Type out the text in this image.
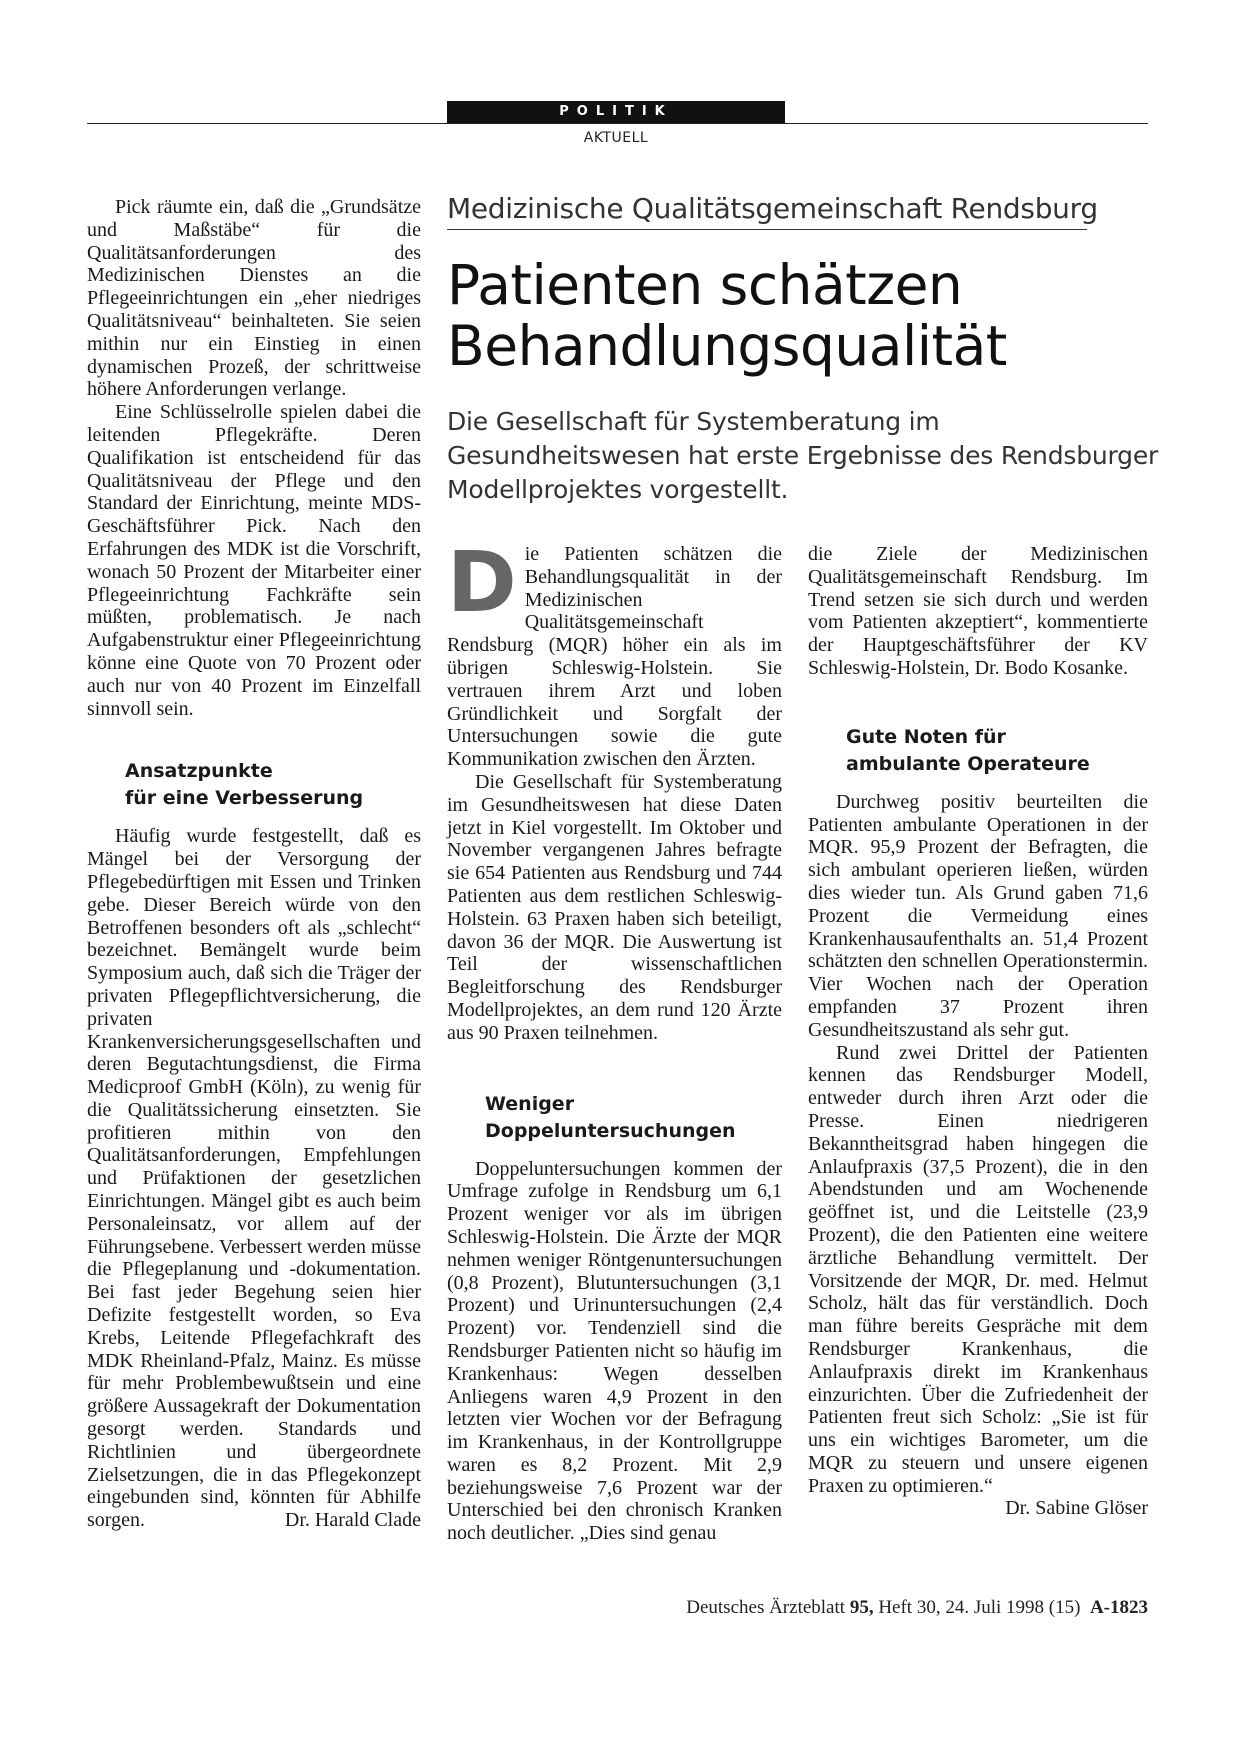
POLITIK
AKTUELL

Pick räumte ein, daß die „Grundsätze und Maßstäbe“ für die Qualitätsanforderungen des Medizinischen Dienstes an die Pflegeeinrichtungen ein „eher niedriges Qualitätsniveau“ beinhalteten. Sie seien mithin nur ein Einstieg in einen dynamischen Prozeß, der schrittweise höhere Anforderungen verlange.

Eine Schlüsselrolle spielen dabei die leitenden Pflegekräfte. Deren Qualifikation ist entscheidend für das Qualitätsniveau der Pflege und den Standard der Einrichtung, meinte MDS-Geschäftsführer Pick. Nach den Erfahrungen des MDK ist die Vorschrift, wonach 50 Prozent der Mitarbeiter einer Pflegeeinrichtung Fachkräfte sein müßten, problematisch. Je nach Aufgabenstruktur einer Pflegeeinrichtung könne eine Quote von 70 Prozent oder auch nur von 40 Prozent im Einzelfall sinnvoll sein.

Ansatzpunkte
für eine Verbesserung

Häufig wurde festgestellt, daß es Mängel bei der Versorgung der Pflegebedürftigen mit Essen und Trinken gebe. Dieser Bereich würde von den Betroffenen besonders oft als „schlecht“ bezeichnet. Bemängelt wurde beim Symposium auch, daß sich die Träger der privaten Pflegepflichtversicherung, die privaten Krankenversicherungsgesellschaften und deren Begutachtungsdienst, die Firma Medicproof GmbH (Köln), zu wenig für die Qualitätssicherung einsetzten. Sie profitieren mithin von den Qualitätsanforderungen, Empfehlungen und Prüfaktionen der gesetzlichen Einrichtungen. Mängel gibt es auch beim Personaleinsatz, vor allem auf der Führungsebene. Verbessert werden müsse die Pflegeplanung und -dokumentation. Bei fast jeder Begehung seien hier Defizite festgestellt worden, so Eva Krebs, Leitende Pflegefachkraft des MDK Rheinland-Pfalz, Mainz. Es müsse für mehr Problembewußtsein und eine größere Aussagekraft der Dokumentation gesorgt werden. Standards und Richtlinien und übergeordnete Zielsetzungen, die in das Pflegekonzept eingebunden sind, könnten für Abhilfe sorgen.	Dr. Harald Clade

Medizinische Qualitätsgemeinschaft Rendsburg
Patienten schätzen
Behandlungsqualität
Die Gesellschaft für Systemberatung im
Gesundheitswesen hat erste Ergebnisse des Rendsburger
Modellprojektes vorgestellt.

Die Patienten schätzen die Behandlungsqualität in der Medizinischen Qualitätsgemeinschaft Rendsburg (MQR) höher ein als im übrigen Schleswig-Holstein. Sie vertrauen ihrem Arzt und loben Gründlichkeit und Sorgfalt der Untersuchungen sowie die gute Kommunikation zwischen den Ärzten.

Die Gesellschaft für Systemberatung im Gesundheitswesen hat diese Daten jetzt in Kiel vorgestellt. Im Oktober und November vergangenen Jahres befragte sie 654 Patienten aus Rendsburg und 744 Patienten aus dem restlichen Schleswig-Holstein. 63 Praxen haben sich beteiligt, davon 36 der MQR. Die Auswertung ist Teil der wissenschaftlichen Begleitforschung des Rendsburger Modellprojektes, an dem rund 120 Ärzte aus 90 Praxen teilnehmen.

Weniger
Doppeluntersuchungen

Doppeluntersuchungen kommen der Umfrage zufolge in Rendsburg um 6,1 Prozent weniger vor als im übrigen Schleswig-Holstein. Die Ärzte der MQR nehmen weniger Röntgenuntersuchungen (0,8 Prozent), Blutuntersuchungen (3,1 Prozent) und Urinuntersuchungen (2,4 Prozent) vor. Tendenziell sind die Rendsburger Patienten nicht so häufig im Krankenhaus: Wegen desselben Anliegens waren 4,9 Prozent in den letzten vier Wochen vor der Befragung im Krankenhaus, in der Kontrollgruppe waren es 8,2 Prozent. Mit 2,9 beziehungsweise 7,6 Prozent war der Unterschied bei den chronisch Kranken noch deutlicher. „Dies sind genau

die Ziele der Medizinischen Qualitätsgemeinschaft Rendsburg. Im Trend setzen sie sich durch und werden vom Patienten akzeptiert“, kommentierte der Hauptgeschäftsführer der KV Schleswig-Holstein, Dr. Bodo Kosanke.

Gute Noten für
ambulante Operateure

Durchweg positiv beurteilten die Patienten ambulante Operationen in der MQR. 95,9 Prozent der Befragten, die sich ambulant operieren ließen, würden dies wieder tun. Als Grund gaben 71,6 Prozent die Vermeidung eines Krankenhausaufenthalts an. 51,4 Prozent schätzten den schnellen Operationstermin. Vier Wochen nach der Operation empfanden 37 Prozent ihren Gesundheitszustand als sehr gut.

Rund zwei Drittel der Patienten kennen das Rendsburger Modell, entweder durch ihren Arzt oder die Presse. Einen niedrigeren Bekanntheitsgrad haben hingegen die Anlaufpraxis (37,5 Prozent), die in den Abendstunden und am Wochenende geöffnet ist, und die Leitstelle (23,9 Prozent), die den Patienten eine weitere ärztliche Behandlung vermittelt. Der Vorsitzende der MQR, Dr. med. Helmut Scholz, hält das für verständlich. Doch man führe bereits Gespräche mit dem Rendsburger Krankenhaus, die Anlaufpraxis direkt im Krankenhaus einzurichten. Über die Zufriedenheit der Patienten freut sich Scholz: „Sie ist für uns ein wichtiges Barometer, um die MQR zu steuern und unsere eigenen Praxen zu optimieren.“
Dr. Sabine Glöser

Deutsches Ärzteblatt 95, Heft 30, 24. Juli 1998 (15) A-1823
